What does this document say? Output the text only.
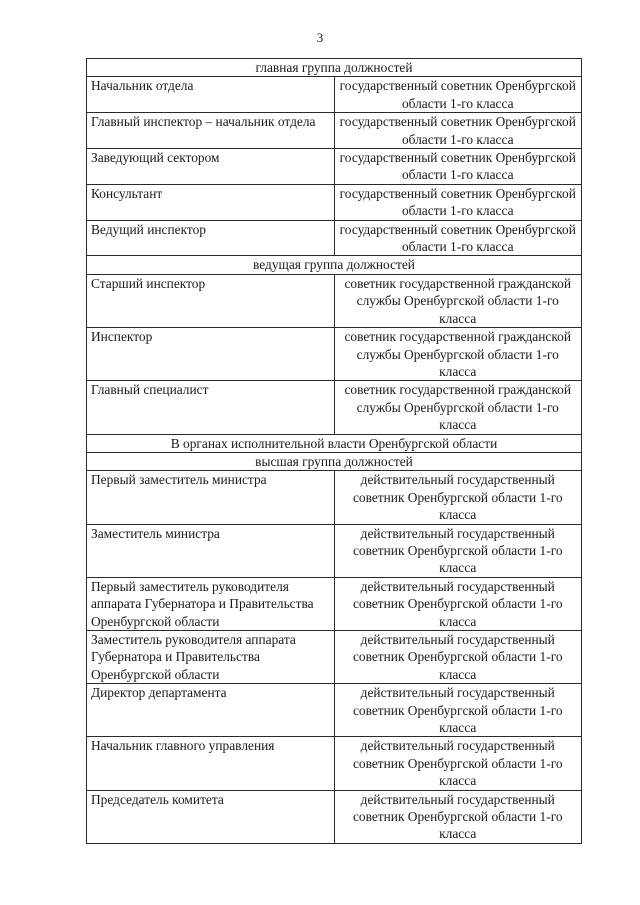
3
главная группа должностей	
Начальник отдела	государственный советник Оренбургской области 1-го класса
Главный инспектор – начальник отдела	государственный советник Оренбургской области 1-го класса
Заведующий сектором	государственный советник Оренбургской области 1-го класса
Консультант	государственный советник Оренбургской области 1-го класса
Ведущий инспектор	государственный советник Оренбургской области 1-го класса
ведущая группа должностей	
Старший инспектор	советник государственной гражданской службы Оренбургской области 1-го класса
Инспектор	советник государственной гражданской службы Оренбургской области 1-го класса
Главный специалист	советник государственной гражданской службы Оренбургской области 1-го класса
В органах исполнительной власти Оренбургской области	
высшая группа должностей	
Первый заместитель министра	действительный государственный советник Оренбургской области 1-го класса
Заместитель министра	действительный государственный советник Оренбургской области 1-го класса
Первый заместитель руководителя аппарата Губернатора и Правительства Оренбургской области	действительный государственный советник Оренбургской области 1-го класса
Заместитель руководителя аппарата Губернатора и Правительства Оренбургской области	действительный государственный советник Оренбургской области 1-го класса
Директор департамента	действительный государственный советник Оренбургской области 1-го класса
Начальник главного управления	действительный государственный советник Оренбургской области 1-го класса
Председатель комитета	действительный государственный советник Оренбургской области 1-го класса
